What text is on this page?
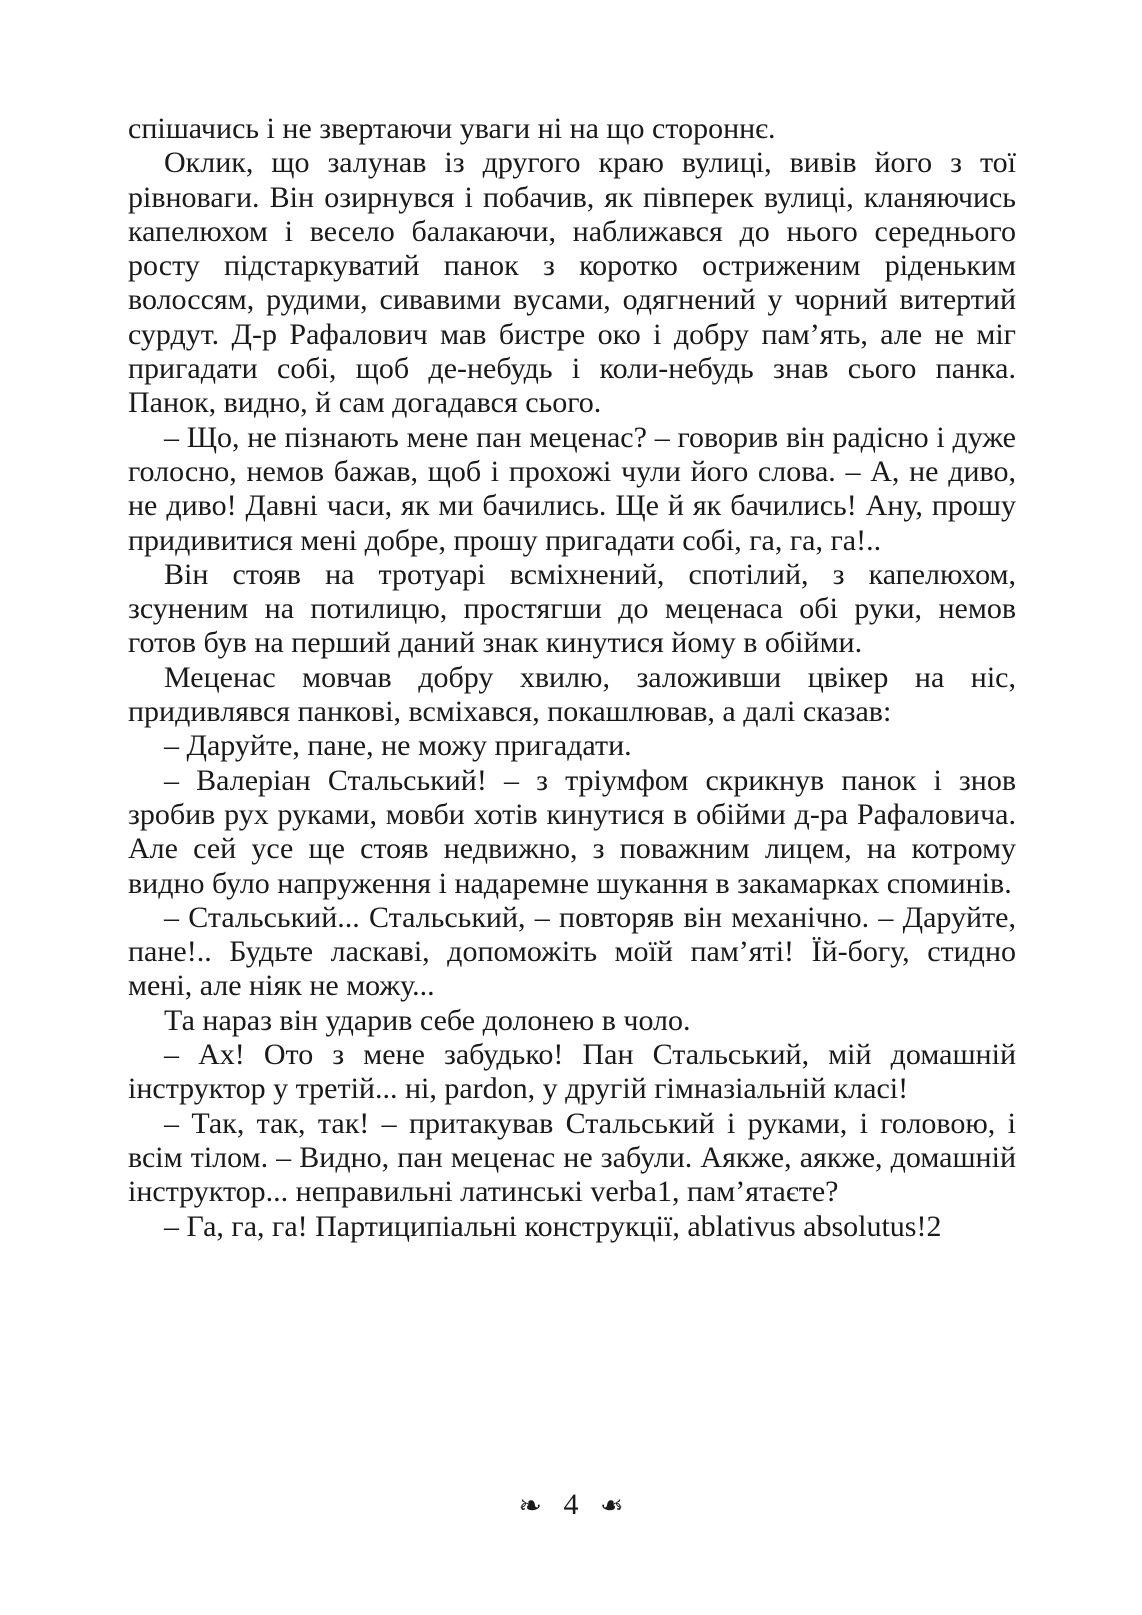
спішачись і не звертаючи уваги ні на що стороннє.

Оклик, що залунав із другого краю вулиці, вивів його з тої рівноваги. Він озирнувся і побачив, як півперек вулиці, кланяючись капелюхом і весело балакаючи, наближався до нього середнього росту підстаркуватий панок з коротко остриженим ріденьким волоссям, рудими, сивавими вусами, одягнений у чорний витертий сурдут. Д-р Рафалович мав бистре око і добру пам’ять, але не міг пригадати собі, щоб де-небудь і коли-небудь знав сього панка. Панок, видно, й сам догадався сього.

– Що, не пізнають мене пан меценас? – говорив він радісно і дуже голосно, немов бажав, щоб і прохожі чули його слова. – А, не диво, не диво! Давні часи, як ми бачились. Ще й як бачились! Ану, прошу придивитися мені добре, прошу пригадати собі, га, га, га!..

Він стояв на тротуарі всміхнений, спотілий, з капелюхом, зсуненим на потилицю, простягши до меценаса обі руки, немов готов був на перший даний знак кинутися йому в обійми.

Меценас мовчав добру хвилю, заложивши цвікер на ніс, придивлявся панкові, всміхався, покашлював, а далі сказав:

– Даруйте, пане, не можу пригадати.

– Валеріан Стальський! – з тріумфом скрикнув панок і знов зробив рух руками, мовби хотів кинутися в обійми д-ра Рафаловича. Але сей усе ще стояв недвижно, з поважним лицем, на котрому видно було напруження і надаремне шукання в закамарках споминів.

– Стальський... Стальський, – повторяв він механічно. – Даруйте, пане!.. Будьте ласкаві, допоможіть моїй пам’яті! Їй-богу, стидно мені, але ніяк не можу...

Та нараз він ударив себе долонею в чоло.

– Ах! Ото з мене забудько! Пан Стальський, мій домашній інструктор у третій... ні, pardon, у другій гімназіальній класі!

– Так, так, так! – притакував Стальський і руками, і головою, і всім тілом. – Видно, пан меценас не забули. Аякже, аякже, домашній інструктор... неправильні латинські verba1, пам’ятаєте?

– Га, га, га! Партиципіальні конструкції, ablativus absolutus!2

❧ 4 ❧
